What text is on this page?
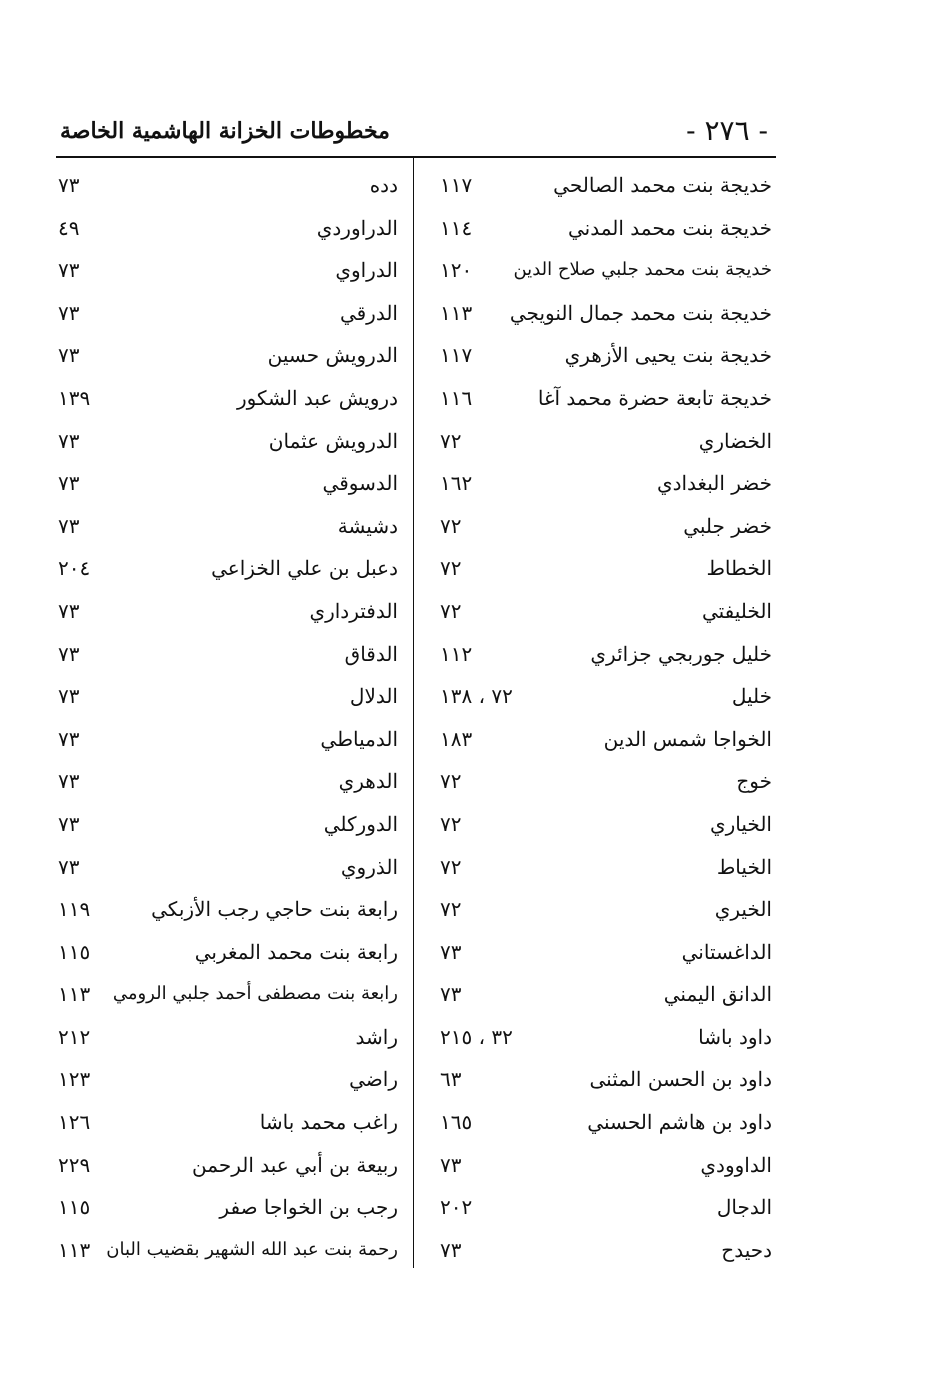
- ٢٧٦ -
مخطوطات الخزانة الهاشمية الخاصة
خديجة بنت محمد الصالحي
١١٧
خديجة بنت محمد المدني
١١٤
خديجة بنت محمد جلبي صلاح الدين
١٢٠
خديجة بنت محمد جمال النويجي
١١٣
خديجة بنت يحيى الأزهري
١١٧
خديجة تابعة حضرة محمد آغا
١١٦
الخضاري
٧٢
خضر البغدادي
١٦٢
خضر جلبي
٧٢
الخطاط
٧٢
الخليفتي
٧٢
خليل جوربجي جزائري
١١٢
خليل
٧٢ ، ١٣٨
الخواجا شمس الدين
١٨٣
خوج
٧٢
الخياري
٧٢
الخياط
٧٢
الخيري
٧٢
الداغستاني
٧٣
الدانق اليمني
٧٣
داود باشا
٣٢ ، ٢١٥
داود بن الحسن المثنى
٦٣
داود بن هاشم الحسني
١٦٥
الداوودي
٧٣
الدجال
٢٠٢
دحيدح
٧٣
دده
٧٣
الدراوردي
٤٩
الدراوي
٧٣
الدرقي
٧٣
الدرويش حسين
٧٣
درويش عبد الشكور
١٣٩
الدرويش عثمان
٧٣
الدسوقي
٧٣
دشيشة
٧٣
دعبل بن علي الخزاعي
٢٠٤
الدفترداري
٧٣
الدقاق
٧٣
الدلال
٧٣
الدمياطي
٧٣
الدهري
٧٣
الدوركلي
٧٣
الذروي
٧٣
رابعة بنت حاجي رجب الأزبكي
١١٩
رابعة بنت محمد المغربي
١١٥
رابعة بنت مصطفى أحمد جلبي الرومي
١١٣
راشد
٢١٢
راضي
١٢٣
راغب محمد باشا
١٢٦
ربيعة بن أبي عبد الرحمن
٢٢٩
رجب بن الخواجا صفر
١١٥
رحمة بنت عبد الله الشهير بقضيب البان
١١٣
